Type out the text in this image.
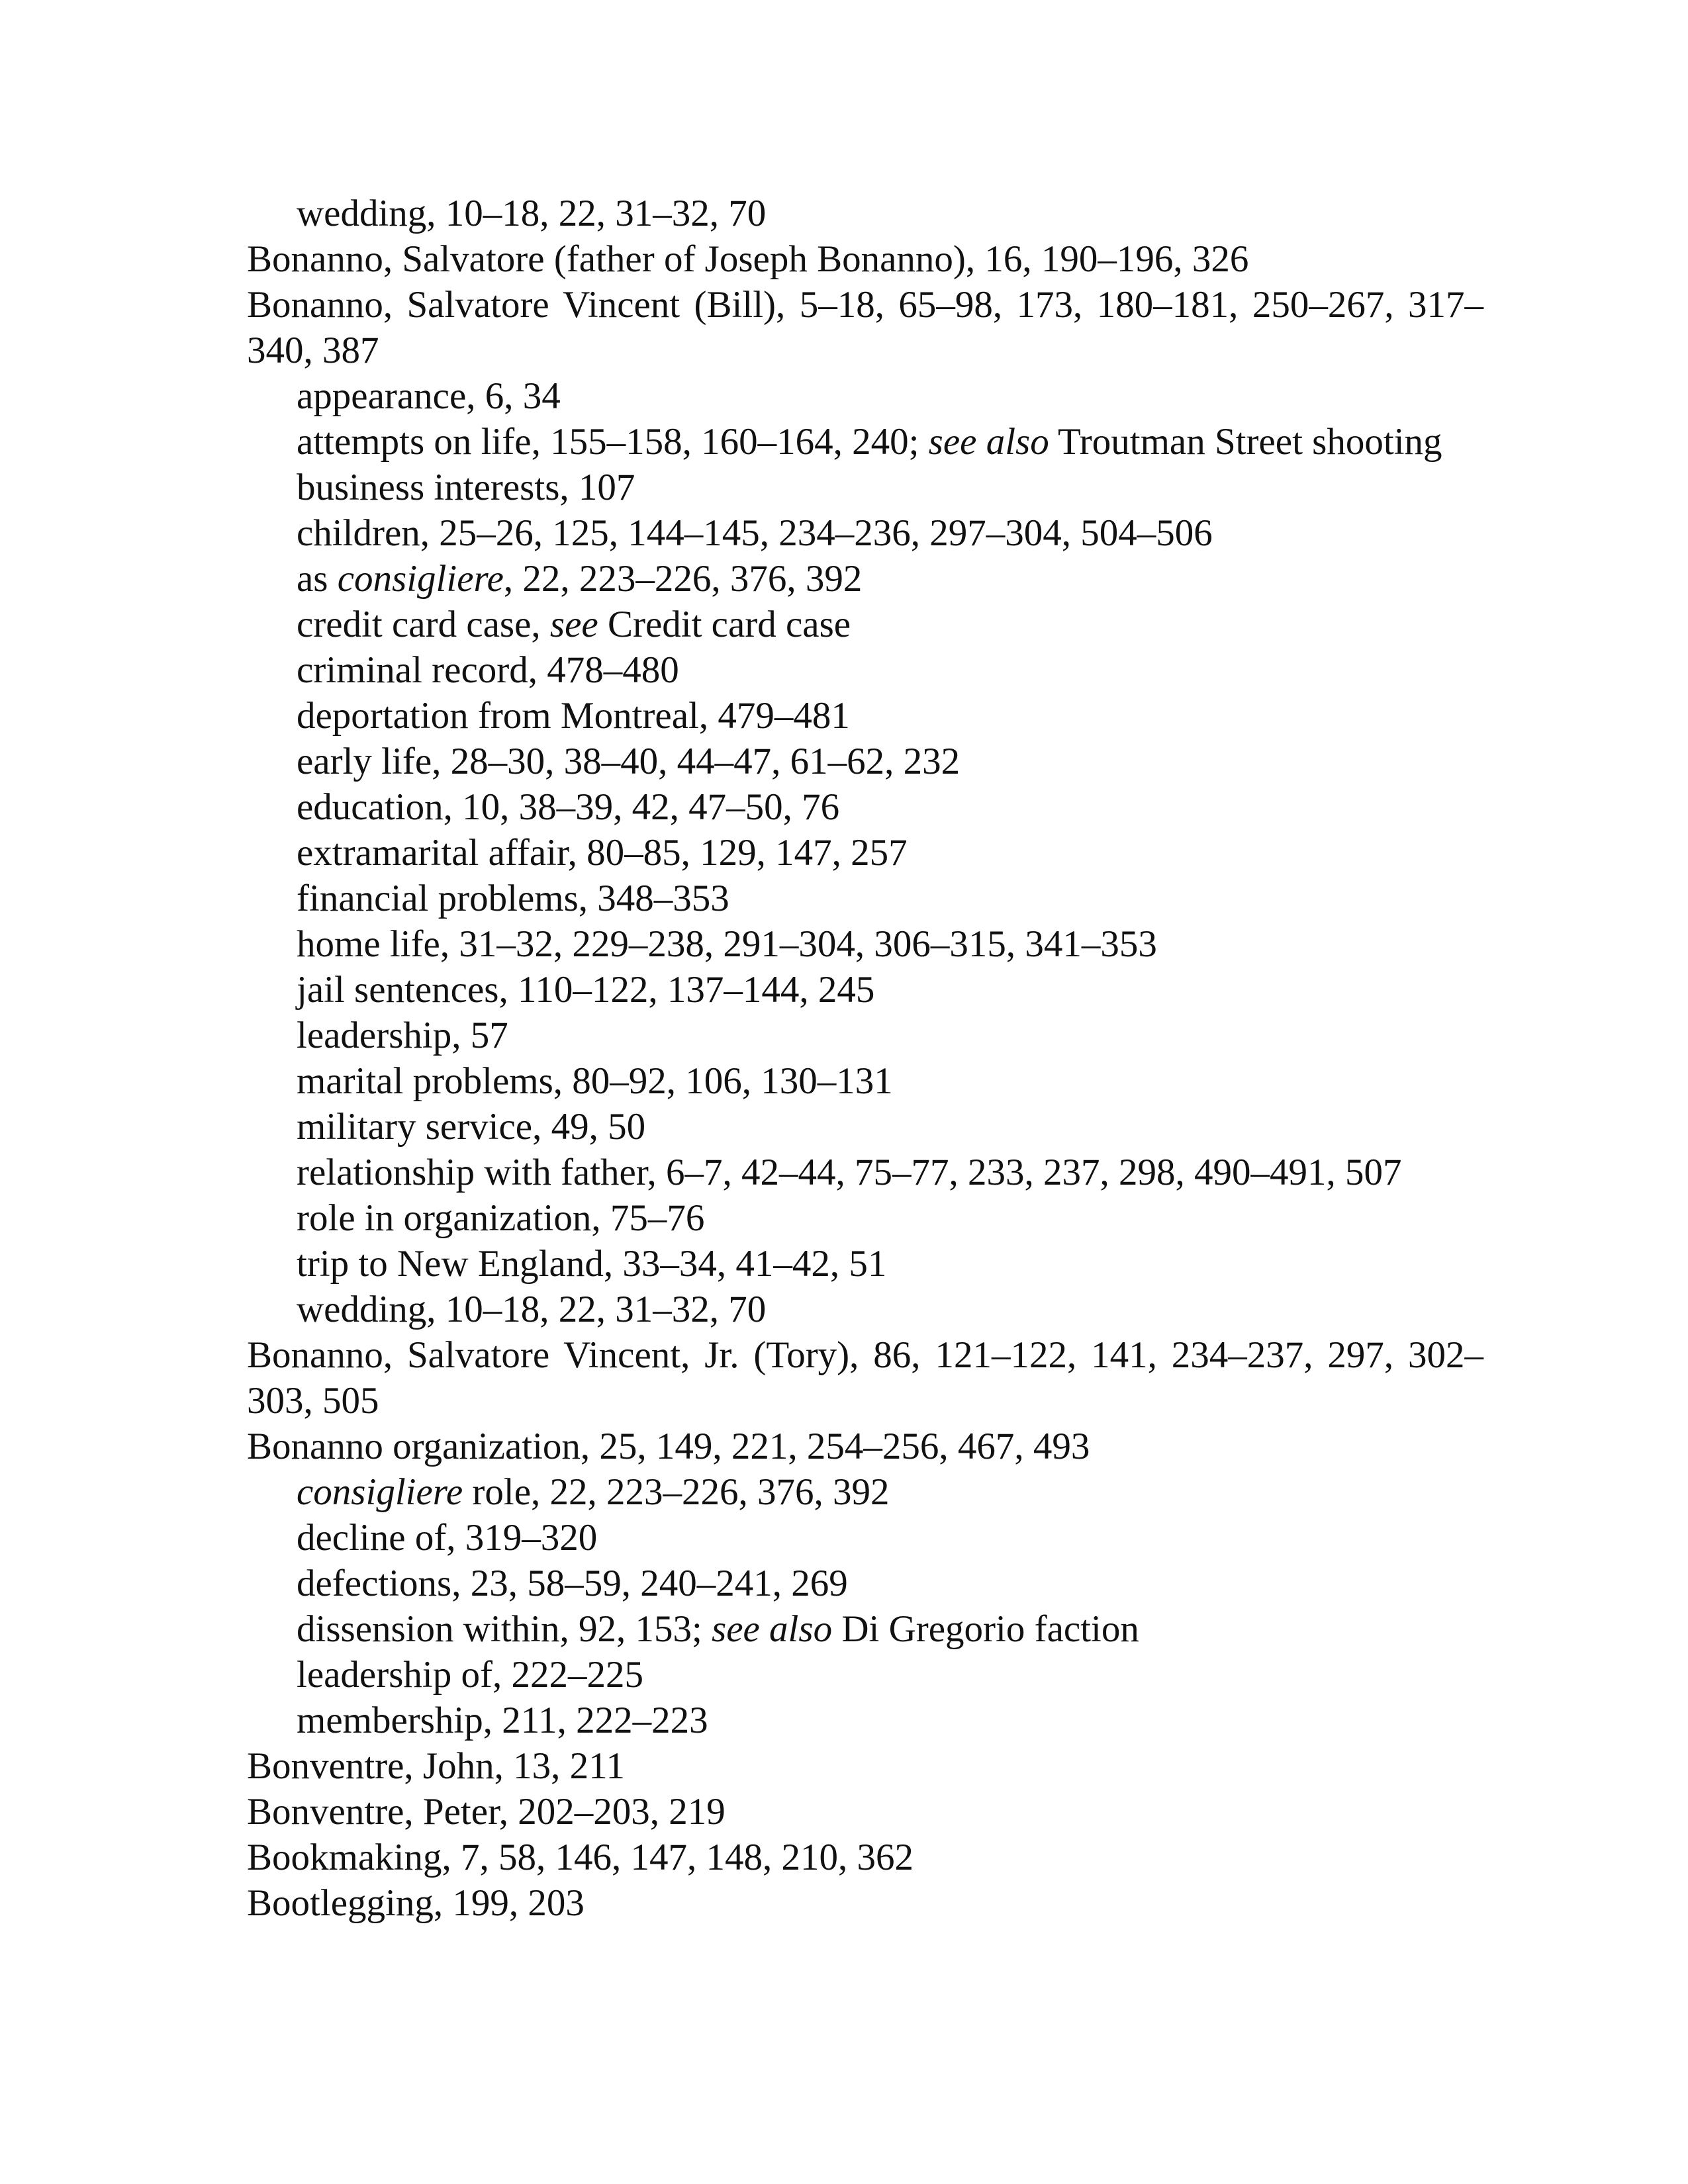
wedding, 10–18, 22, 31–32, 70

Bonanno, Salvatore (father of Joseph Bonanno), 16, 190–196, 326

Bonanno, Salvatore Vincent (Bill), 5–18, 65–98, 173, 180–181, 250–267, 317–340, 387

appearance, 6, 34

attempts on life, 155–158, 160–164, 240; see also Troutman Street shooting

business interests, 107

children, 25–26, 125, 144–145, 234–236, 297–304, 504–506

as consigliere, 22, 223–226, 376, 392

credit card case, see Credit card case

criminal record, 478–480

deportation from Montreal, 479–481

early life, 28–30, 38–40, 44–47, 61–62, 232

education, 10, 38–39, 42, 47–50, 76

extramarital affair, 80–85, 129, 147, 257

financial problems, 348–353

home life, 31–32, 229–238, 291–304, 306–315, 341–353

jail sentences, 110–122, 137–144, 245

leadership, 57

marital problems, 80–92, 106, 130–131

military service, 49, 50

relationship with father, 6–7, 42–44, 75–77, 233, 237, 298, 490–491, 507

role in organization, 75–76

trip to New England, 33–34, 41–42, 51

wedding, 10–18, 22, 31–32, 70

Bonanno, Salvatore Vincent, Jr. (Tory), 86, 121–122, 141, 234–237, 297, 302–303, 505

Bonanno organization, 25, 149, 221, 254–256, 467, 493

consigliere role, 22, 223–226, 376, 392

decline of, 319–320

defections, 23, 58–59, 240–241, 269

dissension within, 92, 153; see also Di Gregorio faction

leadership of, 222–225

membership, 211, 222–223

Bonventre, John, 13, 211

Bonventre, Peter, 202–203, 219

Bookmaking, 7, 58, 146, 147, 148, 210, 362

Bootlegging, 199, 203
